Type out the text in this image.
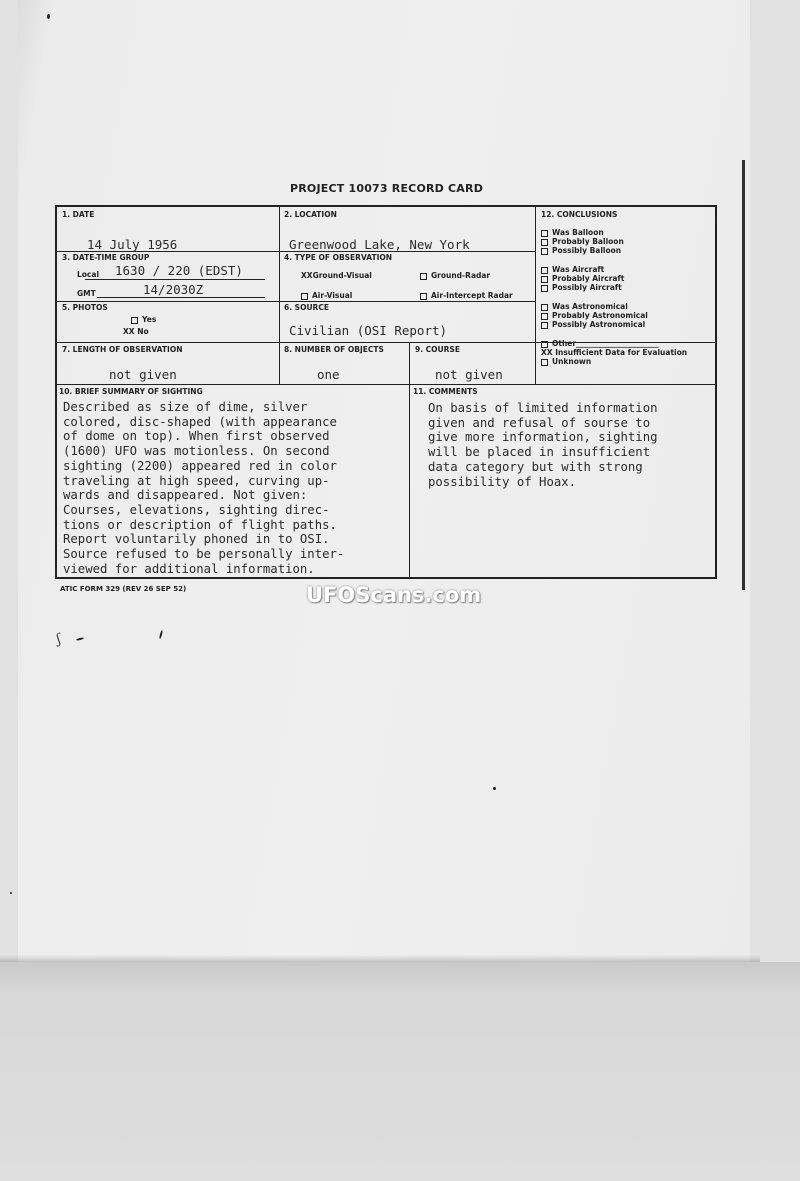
PROJECT 10073 RECORD CARD
1. DATE
14 July 1956
2. LOCATION
Greenwood Lake, New York
3. DATE-TIME GROUP
Local 1630 / 220 (EDST)
GMT	14/2030Z
4. TYPE OF OBSERVATION
XXGround-Visual	Ground-Radar
Air-Visual	Air-Intercept Radar
5. PHOTOS
Yes
XX No
6. SOURCE
Civilian (OSI Report)
7. LENGTH OF OBSERVATION
not given
8. NUMBER OF OBJECTS
one
9. COURSE
not given
10. BRIEF SUMMARY OF SIGHTING
Described as size of dime, silver
colored, disc-shaped (with appearance
of dome on top). When first observed
(1600) UFO was motionless. On second
sighting (2200) appeared red in color
traveling at high speed, curving up-
wards and disappeared. Not given:
Courses, elevations, sighting direc-
tions or description of flight paths.
Report voluntarily phoned in to OSI.
Source refused to be personally inter-
viewed for additional information.
11. COMMENTS
On basis of limited information
given and refusal of sourse to
give more information, sighting
will be placed in insufficient
data category but with strong
possibility of Hoax.
12. CONCLUSIONS
Was Balloon
Probably Balloon
Possibly Balloon
Was Aircraft
Probably Aircraft
Possibly Aircraft
Was Astronomical
Probably Astronomical
Possibly Astronomical
Other______________________
XX Insufficient Data for Evaluation
Unknown
ATIC FORM 329 (REV 26 SEP 52)	UFOScans.com
ʃ
